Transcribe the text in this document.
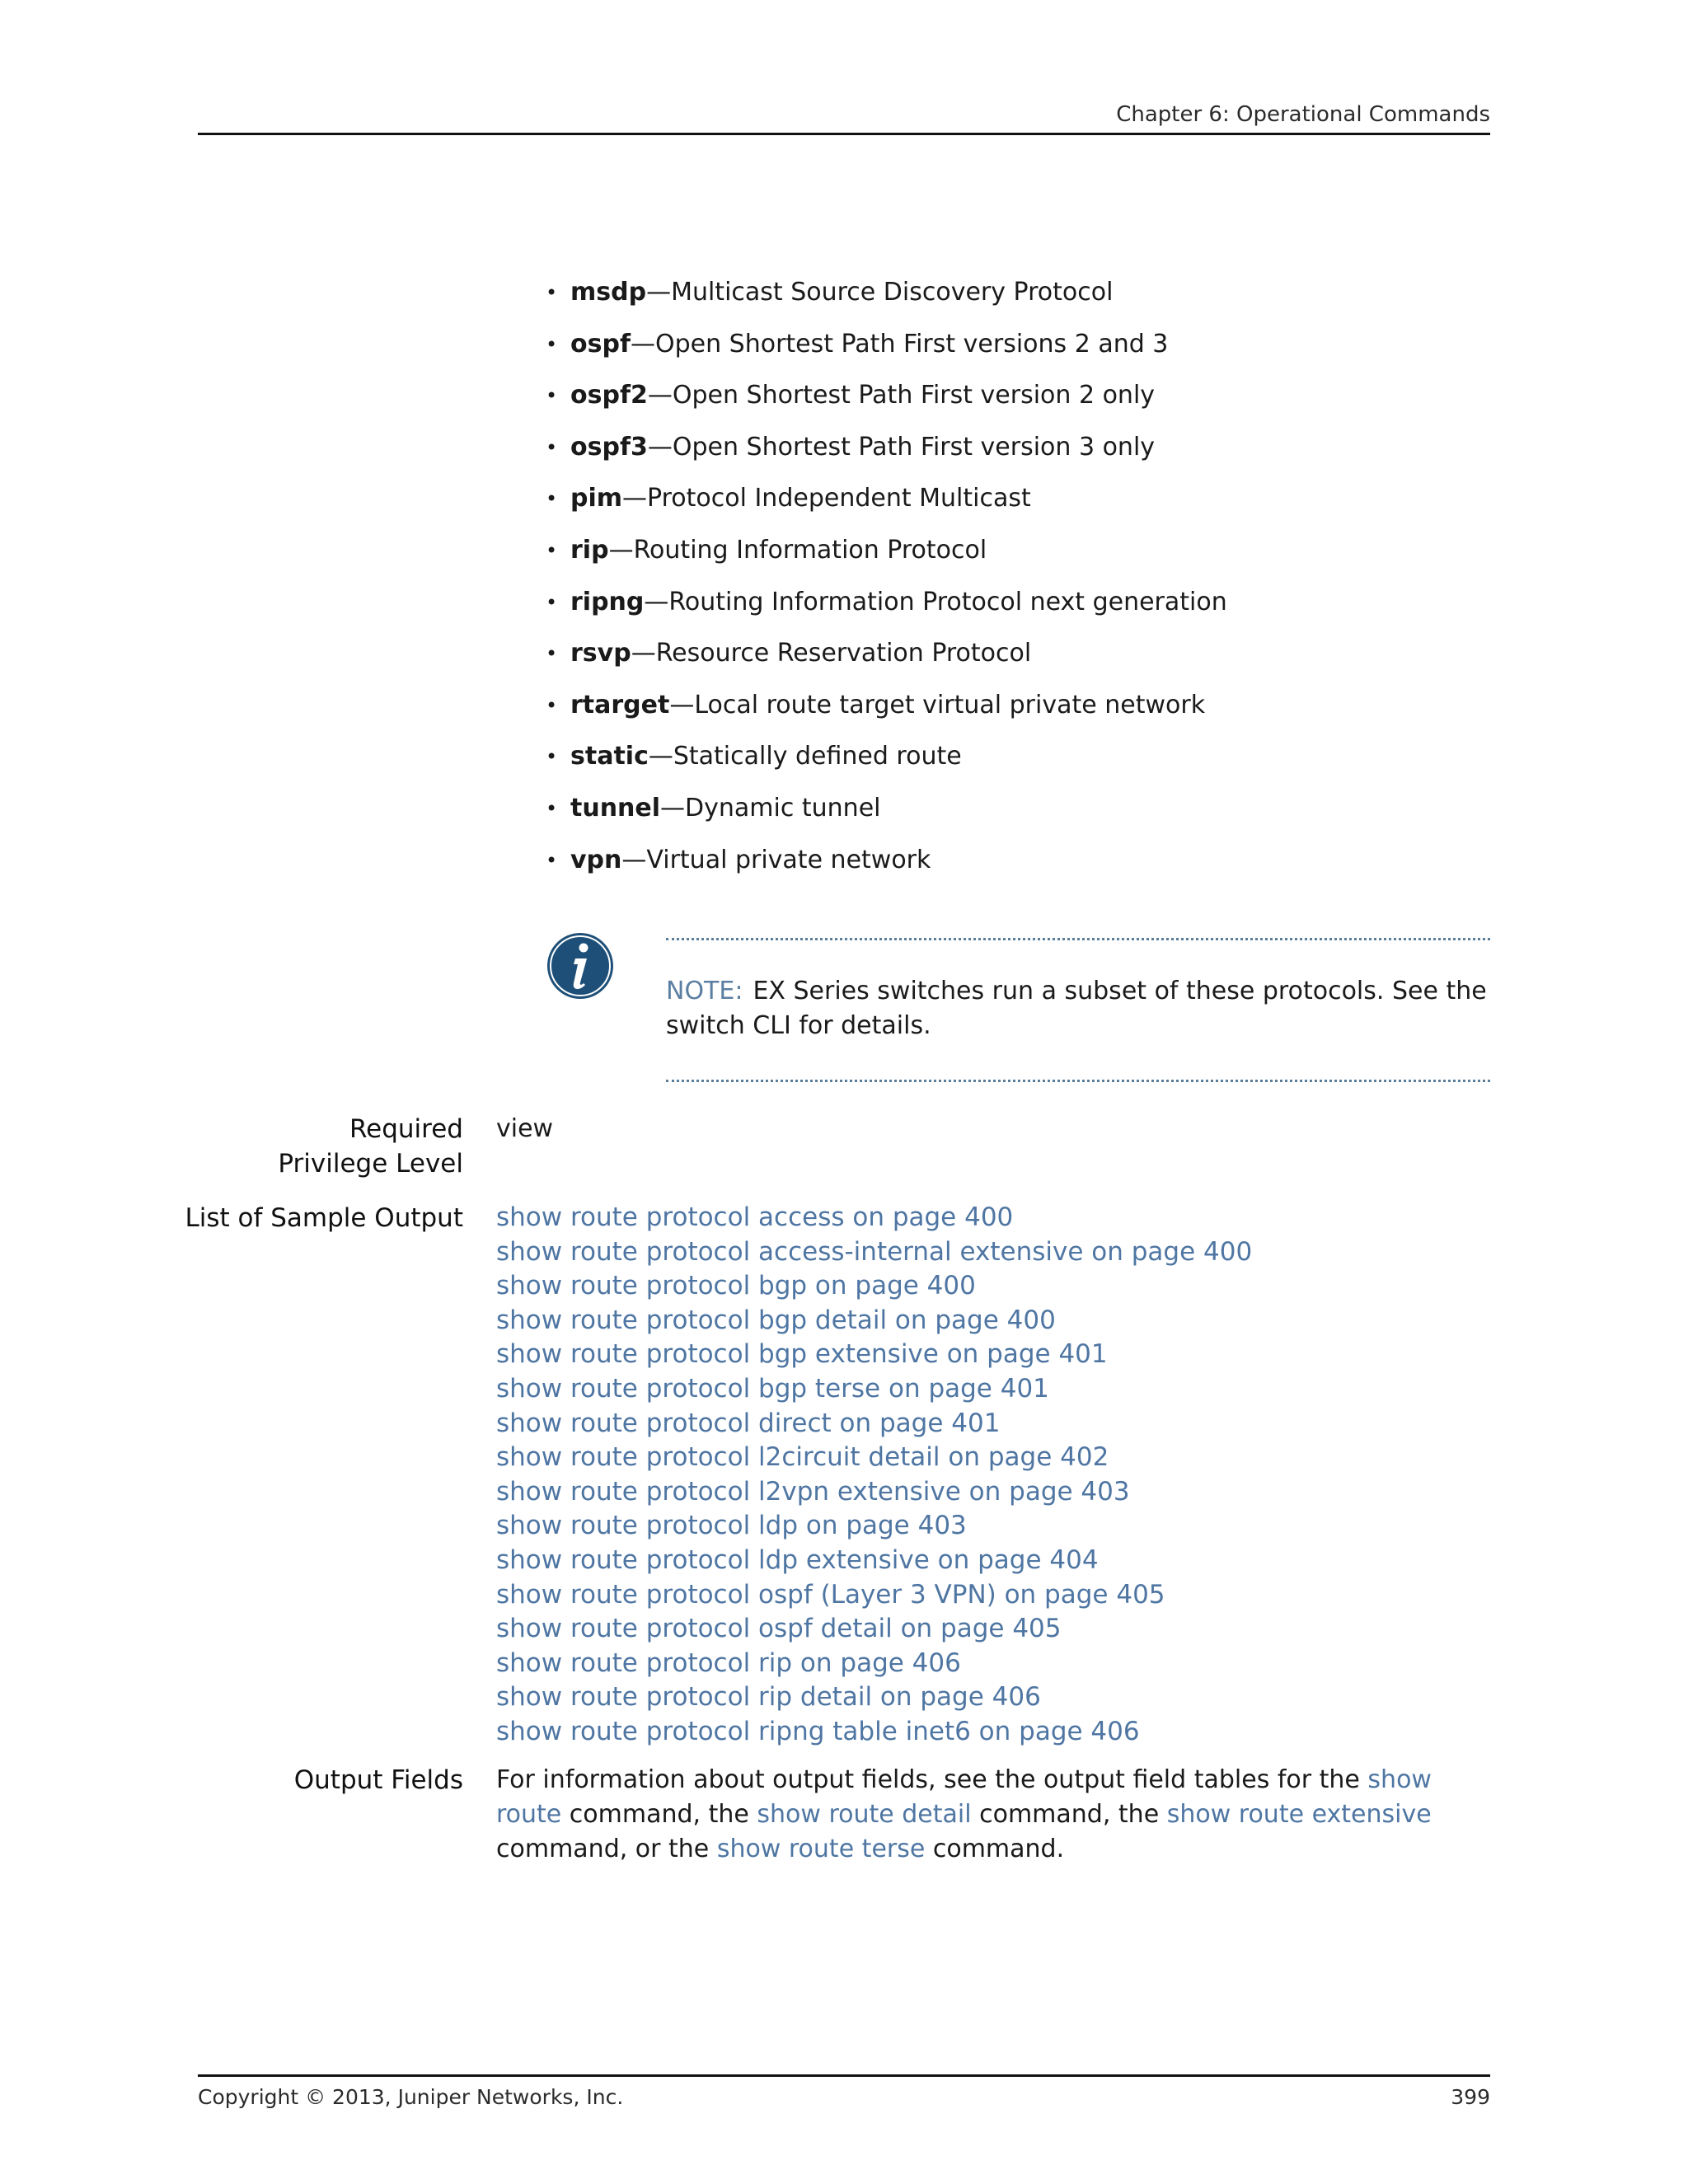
Chapter 6: Operational Commands
• msdp—Multicast Source Discovery Protocol
• ospf—Open Shortest Path First versions 2 and 3
• ospf2—Open Shortest Path First version 2 only
• ospf3—Open Shortest Path First version 3 only
• pim—Protocol Independent Multicast
• rip—Routing Information Protocol
• ripng—Routing Information Protocol next generation
• rsvp—Resource Reservation Protocol
• rtarget—Local route target virtual private network
• static—Statically defined route
• tunnel—Dynamic tunnel
• vpn—Virtual private network
NOTE: EX Series switches run a subset of these protocols. See the switch CLI for details.
Required Privilege Level
view
List of Sample Output show route protocol access on page 400
show route protocol access-internal extensive on page 400
show route protocol bgp on page 400
show route protocol bgp detail on page 400
show route protocol bgp extensive on page 401
show route protocol bgp terse on page 401
show route protocol direct on page 401
show route protocol l2circuit detail on page 402
show route protocol l2vpn extensive on page 403
show route protocol ldp on page 403
show route protocol ldp extensive on page 404
show route protocol ospf (Layer 3 VPN) on page 405
show route protocol ospf detail on page 405
show route protocol rip on page 406
show route protocol rip detail on page 406
show route protocol ripng table inet6 on page 406
Output Fields For information about output fields, see the output field tables for the show route command, the show route detail command, the show route extensive command, or the show route terse command.
Copyright © 2013, Juniper Networks, Inc.	399
